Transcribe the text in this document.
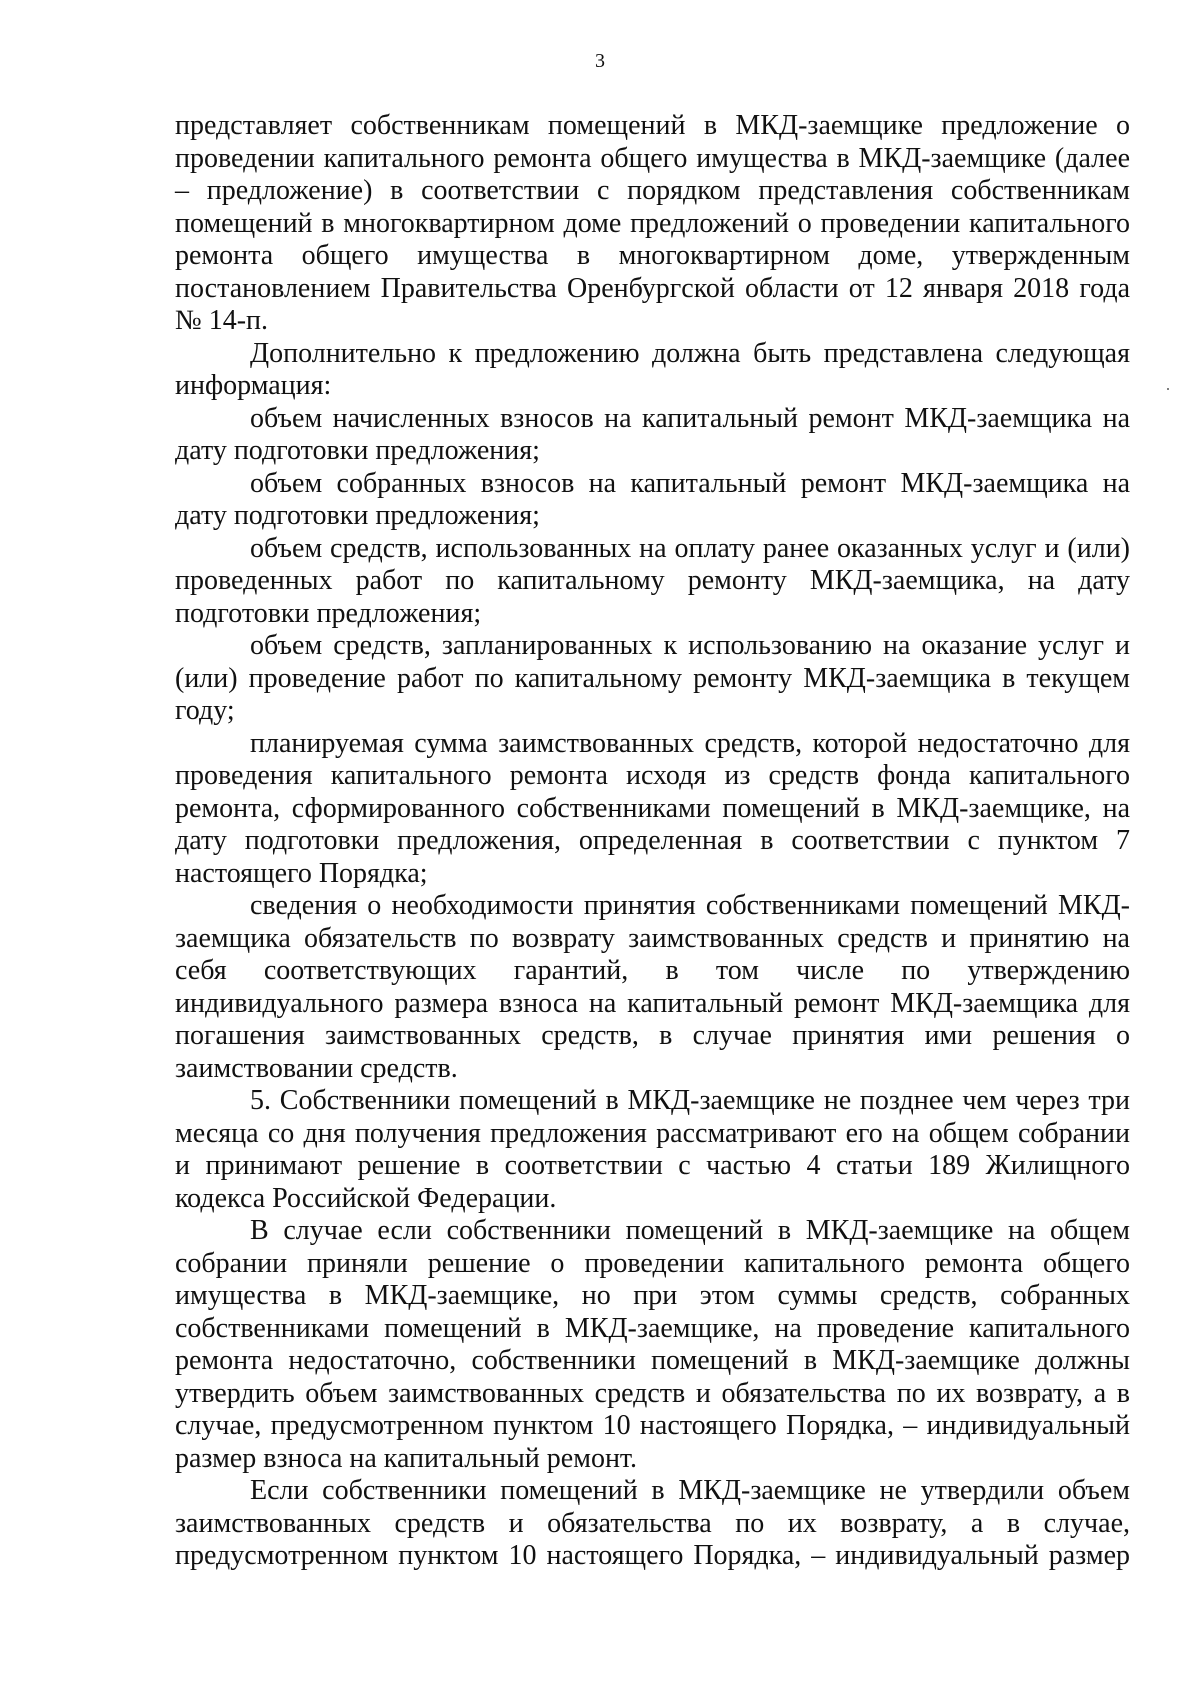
3

представляет собственникам помещений в МКД-заемщике предложение о проведении капитального ремонта общего имущества в МКД-заемщике (далее – предложение) в соответствии с порядком представления собственникам помещений в многоквартирном доме предложений о проведении капитального ремонта общего имущества в многоквартирном доме, утвержденным постановлением Правительства Оренбургской области от 12 января 2018 года № 14-п.

Дополнительно к предложению должна быть представлена следующая информация:

объем начисленных взносов на капитальный ремонт МКД-заемщика на дату подготовки предложения;

объем собранных взносов на капитальный ремонт МКД-заемщика на дату подготовки предложения;

объем средств, использованных на оплату ранее оказанных услуг и (или) проведенных работ по капитальному ремонту МКД-заемщика, на дату подготовки предложения;

объем средств, запланированных к использованию на оказание услуг и (или) проведение работ по капитальному ремонту МКД-заемщика в текущем году;

планируемая сумма заимствованных средств, которой недостаточно для проведения капитального ремонта исходя из средств фонда капитального ремонта, сформированного собственниками помещений в МКД-заемщике, на дату подготовки предложения, определенная в соответствии с пунктом 7 настоящего Порядка;

сведения о необходимости принятия собственниками помещений МКД-заемщика обязательств по возврату заимствованных средств и принятию на себя соответствующих гарантий, в том числе по утверждению индивидуального размера взноса на капитальный ремонт МКД-заемщика для погашения заимствованных средств, в случае принятия ими решения о заимствовании средств.

5. Собственники помещений в МКД-заемщике не позднее чем через три месяца со дня получения предложения рассматривают его на общем собрании и принимают решение в соответствии с частью 4 статьи 189 Жилищного кодекса Российской Федерации.

В случае если собственники помещений в МКД-заемщике на общем собрании приняли решение о проведении капитального ремонта общего имущества в МКД-заемщике, но при этом суммы средств, собранных собственниками помещений в МКД-заемщике, на проведение капитального ремонта недостаточно, собственники помещений в МКД-заемщике должны утвердить объем заимствованных средств и обязательства по их возврату, а в случае, предусмотренном пунктом 10 настоящего Порядка, – индивидуальный размер взноса на капитальный ремонт.

Если собственники помещений в МКД-заемщике не утвердили объем заимствованных средств и обязательства по их возврату, а в случае, предусмотренном пунктом 10 настоящего Порядка, – индивидуальный размер
